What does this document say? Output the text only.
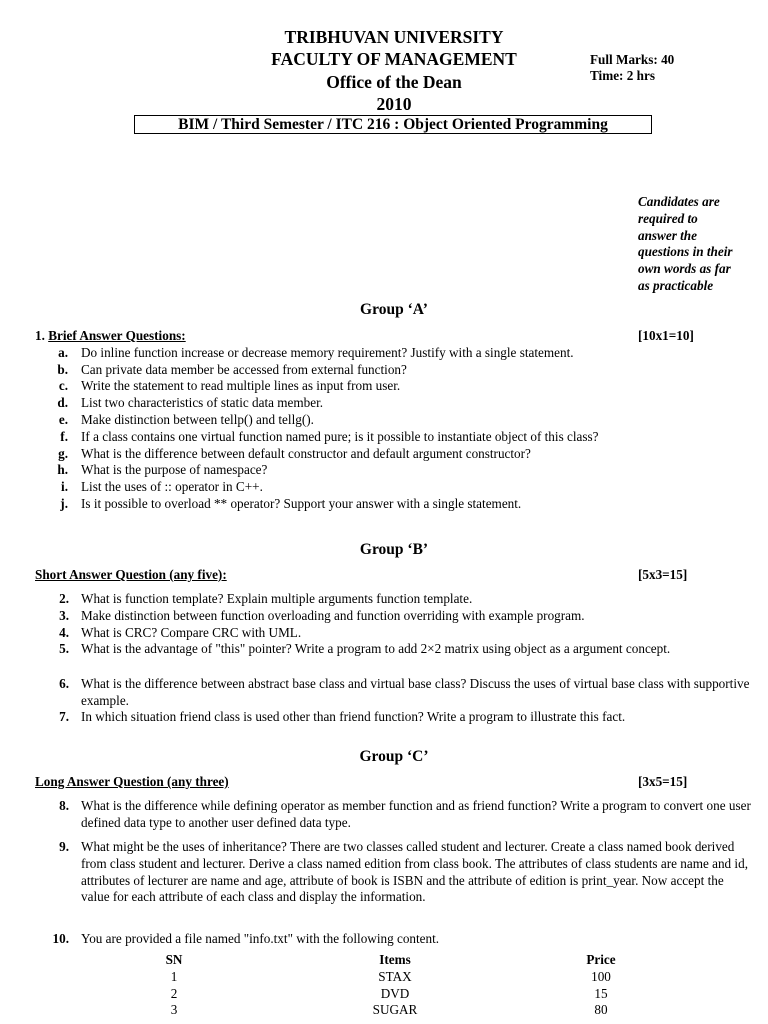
TRIBHUVAN UNIVERSITY
FACULTY OF MANAGEMENT
Office of the Dean
2010
Full Marks: 40
Time: 2 hrs
BIM / Third Semester / ITC 216 : Object Oriented Programming
Candidates are
required to
answer the
questions in their
own words as far
as practicable
Group ‘A’
1. Brief Answer Questions:	[10x1=10]
a. Do inline function increase or decrease memory requirement? Justify with a single statement.
b. Can private data member be accessed from external function?
c. Write the statement to read multiple lines as input from user.
d. List two characteristics of static data member.
e. Make distinction between tellp() and tellg().
f. If a class contains one virtual function named pure; is it possible to instantiate object of this class?
g. What is the difference between default constructor and default argument constructor?
h. What is the purpose of namespace?
i. List the uses of :: operator in C++.
j. Is it possible to overload ** operator? Support your answer with a single statement.
Group ‘B’
Short Answer Question (any five):	[5x3=15]
2. What is function template? Explain multiple arguments function template.
3. Make distinction between function overloading and function overriding with example program.
4. What is CRC? Compare CRC with UML.
5. What is the advantage of "this" pointer? Write a program to add 2×2 matrix using object as a argument concept.
6. What is the difference between abstract base class and virtual base class? Discuss the uses of virtual base class with supportive example.
7. In which situation friend class is used other than friend function? Write a program to illustrate this fact.
Group ‘C’
Long Answer Question (any three)	[3x5=15]
8. What is the difference while defining operator as member function and as friend function? Write a program to convert one user defined data type to another user defined data type.
9. What might be the uses of inheritance? There are two classes called student and lecturer. Create a class named book derived from class student and lecturer. Derive a class named edition from class book. The attributes of class students are name and id, attributes of lecturer are name and age, attribute of book is ISBN and the attribute of edition is print_year. Now accept the value for each attribute of each class and display the information.
10. You are provided a file named "info.txt" with the following content.
SN	Items	Price
1	STAX	100
2	DVD	15
3	SUGAR	80
